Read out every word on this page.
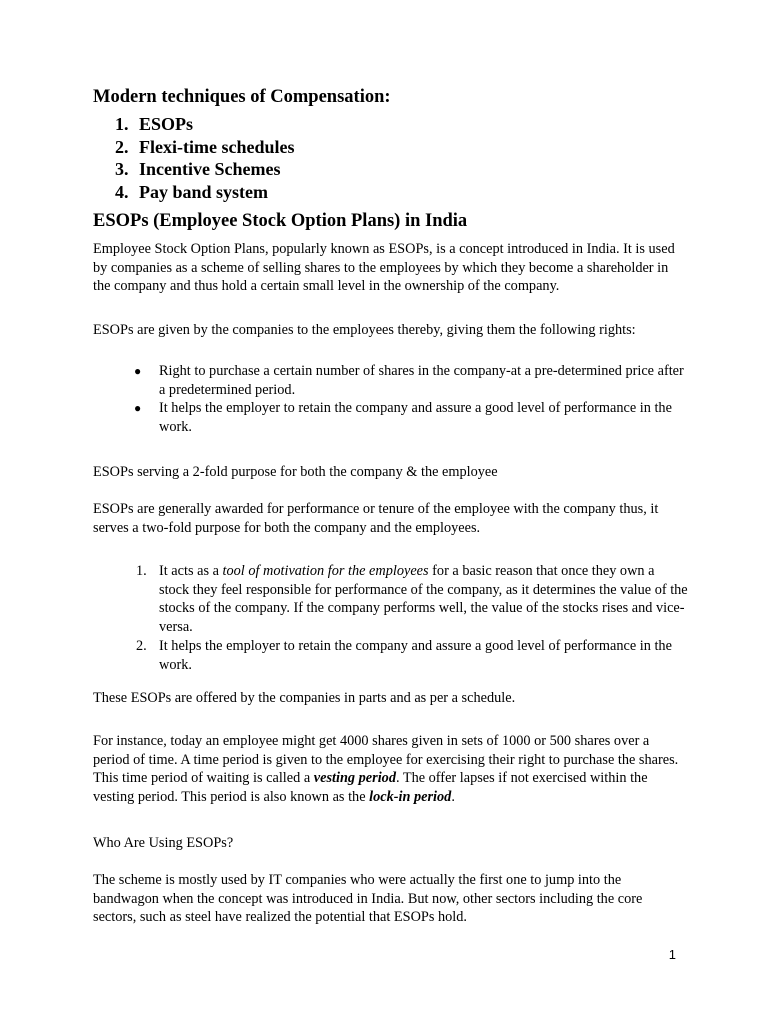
Modern techniques of Compensation:
1. ESOPs
2. Flexi-time schedules
3. Incentive Schemes
4. Pay band system
ESOPs (Employee Stock Option Plans) in India

Employee Stock Option Plans, popularly known as ESOPs, is a concept introduced in India. It is used by companies as a scheme of selling shares to the employees by which they become a shareholder in the company and thus hold a certain small level in the ownership of the company.

ESOPs are given by the companies to the employees thereby, giving them the following rights:

● Right to purchase a certain number of shares in the company-at a pre-determined price after a predetermined period.
● It helps the employer to retain the company and assure a good level of performance in the work.

ESOPs serving a 2-fold purpose for both the company & the employee

ESOPs are generally awarded for performance or tenure of the employee with the company thus, it serves a two-fold purpose for both the company and the employees.

1. It acts as a tool of motivation for the employees for a basic reason that once they own a stock they feel responsible for performance of the company, as it determines the value of the stocks of the company. If the company performs well, the value of the stocks rises and vice-versa.
2. It helps the employer to retain the company and assure a good level of performance in the work.

These ESOPs are offered by the companies in parts and as per a schedule.

For instance, today an employee might get 4000 shares given in sets of 1000 or 500 shares over a period of time. A time period is given to the employee for exercising their right to purchase the shares. This time period of waiting is called a vesting period. The offer lapses if not exercised within the vesting period. This period is also known as the lock-in period.

Who Are Using ESOPs?

The scheme is mostly used by IT companies who were actually the first one to jump into the bandwagon when the concept was introduced in India. But now, other sectors including the core sectors, such as steel have realized the potential that ESOPs hold.

1
